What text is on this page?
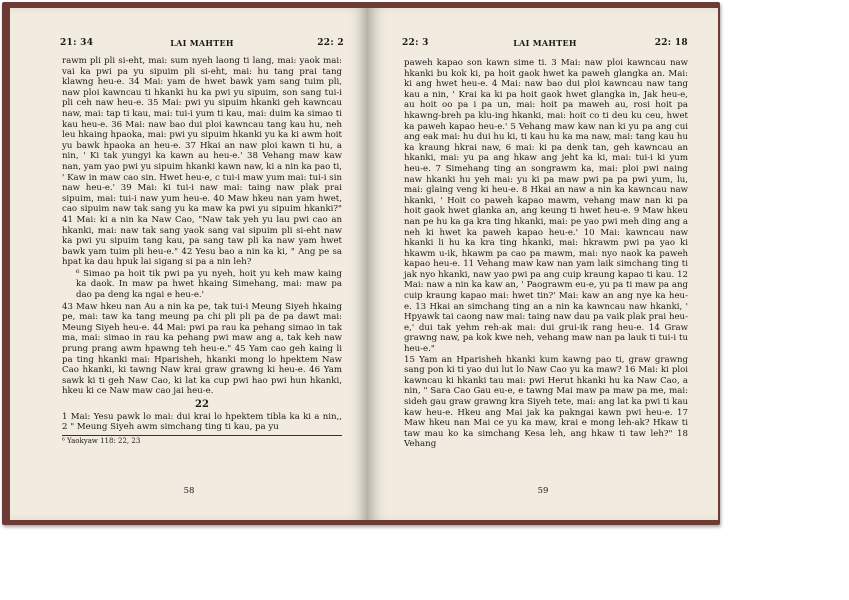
21: 34	LAI MAHTEH	22: 2

rawm pli pli si-eht, mai: sum nyeh laong ti lang, mai: yaok mai: vai ka pwi pa yu sipuim pli si-eht, mai: hu tang prai tang klawng heu-e. 34 Mai: yam de hwet bawk yam sang tuim pli, naw ploi kawncau ti hkanki hu ka pwi yu sipuim, son sang tui-i pli ceh naw heu-e. 35 Mai: pwi yu sipuim hkanki geh kawncau naw, mai: tap ti kau, mai: tui-i yum ti kau, mai: duim ka simao ti kau heu-e. 36 Mai: naw bao dui ploi kawncau tang kau hu, neh leu hkaing hpaoka, mai: pwi yu sipuim hkanki yu ka ki awm hoit yu bawk hpaoka an heu-e. 37 Hkai an naw ploi kawn ti hu, a nin, ' Ki tak yungyi ka kawn au heu-e.' 38 Vehang maw kaw nan, yam yao pwi yu sipuim hkanki kawn naw, ki a nin ka pao ti, ' Kaw in maw cao sin. Hwet heu-e, c tui-i maw yum mai: tui-i sin naw heu-e.' 39 Mai: ki tui-i naw mai: taing naw plak prai sipuim, mai: tui-i naw yum heu-e. 40 Maw hkeu nan yam hwet, cao sipuim naw tak sang yu ka maw ka pwi yu sipuim hkanki?" 41 Mai: ki a nin ka Naw Cao, "Naw tak yeh yu lau pwi cao an hkanki, mai: naw tak sang yaok sang vai sipuim pli si-eht naw ka pwi yu sipuim tang kau, pa sang taw pli ka naw yam hwet bawk yam tuim pli heu-e." 42 Yesu bao a nin ka ki, " Ang pe sa hpat ka dau hpuk lai sigang si pa a nin leh?

⁶ Simao pa hoit tik pwi pa yu nyeh, hoit yu keh maw kaing ka daok. In maw pa hwet hkaing Simehang, mai: maw pa dao pa deng ka ngai e heu-e.'

43 Maw hkeu nan Au a nin ka pe, tak tui-i Meung Siyeh hkaing pe, mai: taw ka tang meung pa chi pli pli pa de pa dawt mai: Meung Siyeh heu-e. 44 Mai: pwi pa rau ka pehang simao in tak ma, mai: simao in rau ka pehang pwi maw ang a, tak keh naw prung prang awm hpawng teh heu-e." 45 Yam cao geh kaing li pa ting hkanki mai: Hparisheh, hkanki mong lo hpektem Naw Cao hkanki, ki tawng Naw krai graw grawng ki heu-e. 46 Yam sawk ki ti geh Naw Cao, ki lat ka cup pwi hao pwi hun hkanki, hkeu ki ce Naw maw cao jai heu-e.

22

1 Mai: Yesu pawk lo mai: dui krai lo hpektem tibla ka ki a nin,, 2 " Meung Siyeh awm simchang ting ti kau, pa yu

⁶ Yaokyaw 118: 22, 23

58
22: 3	LAI MAHTEH	22: 18

paweh kapao son kawn sime ti. 3 Mai: naw ploi kawncau naw hkanki bu kok ki, pa hoit gaok hwet ka paweh glangka an. Mai: ki ang hwet heu-e. 4 Mai: naw bao dui ploi kawncau naw tang kau a nin, ' Krai ka ki pa hoit gaok hwet glangka in, Jak heu-e, au hoit oo pa i pa un, mai: hoit pa maweh au, rosi hoit pa hkawng-breh pa klu-ing hkanki, mai: hoit co ti deu ku ceu, hwet ka paweh kapao heu-e.' 5 Vehang maw kaw nan ki yu pa ang cui ang eak mai: hu dui hu ki, ti kau hu ka ma naw, mai: tang kau hu ka kraung hkrai naw, 6 mai: ki pa denk tan, geh kawncau an hkanki, mai: yu pa ang hkaw ang jeht ka ki, mai: tui-i ki yum heu-e. 7 Simehang ting an songrawm ka, mai: ploi pwi naing naw hkanki hu yeh mai: yu ki pa maw pwi pa pa pwi yum, lu, mai: glaing veng ki heu-e. 8 Hkai an naw a nin ka kawncau naw hkanki, ' Hoit co paweh kapao mawm, vehang maw nan ki pa hoit gaok hwet glanka an, ang keung ti hwet heu-e. 9 Maw hkeu nan pe hu ka ga kra ting hkanki, mai: pe yao pwi meh ding ang a neh ki hwet ka paweh kapao heu-e.' 10 Mai: kawncau naw hkanki li hu ka kra ting hkanki, mai: hkrawm pwi pa yao ki hkawm u-ik, hkawm pa cao pa mawm, mai: nyo naok ka paweh kapao heu-e. 11 Vehang maw kaw nan yam laik simchang ting ti jak nyo hkanki, naw yao pwi pa ang cuip kraung kapao ti kau. 12 Mai: naw a nin ka kaw an, ' Paograwm eu-e, yu pa ti maw pa ang cuip kraung kapao mai: hwet tin?' Mai: kaw an ang nye ka heu-e. 13 Hkai an simchang ting an a nin ka kawncau naw hkanki, ' Hpyawk tai caong naw mai: taing naw dau pa vaik plak prai heu-e,' dui tak yehm reh-ak mai: dui grui-ik rang heu-e. 14 Graw grawng naw, pa kok kwe neh, vehang maw nan pa lauk ti tui-i tu heu-e."

15 Yam an Hparisheh hkanki kum kawng pao ti, graw grawng sang pon ki ti yao dui lut lo Naw Cao yu ka maw? 16 Mai: ki ploi kawncau ki hkanki tau mai: pwi Herut hkanki hu ka Naw Cao, a nin, " Sara Cao Gau eu-e, e tawng Mai maw pa maw pa me, mai: sideh gau graw grawng kra Siyeh tete, mai: ang lat ka pwi ti kau kaw heu-e. Hkeu ang Mai jak ka pakngai kawn pwi heu-e. 17 Maw hkeu nan Mai ce yu ka maw, krai e mong leh-ak? Hkaw ti taw mau ko ka simchang Kesa leh, ang hkaw ti taw leh?" 18 Vehang

59
